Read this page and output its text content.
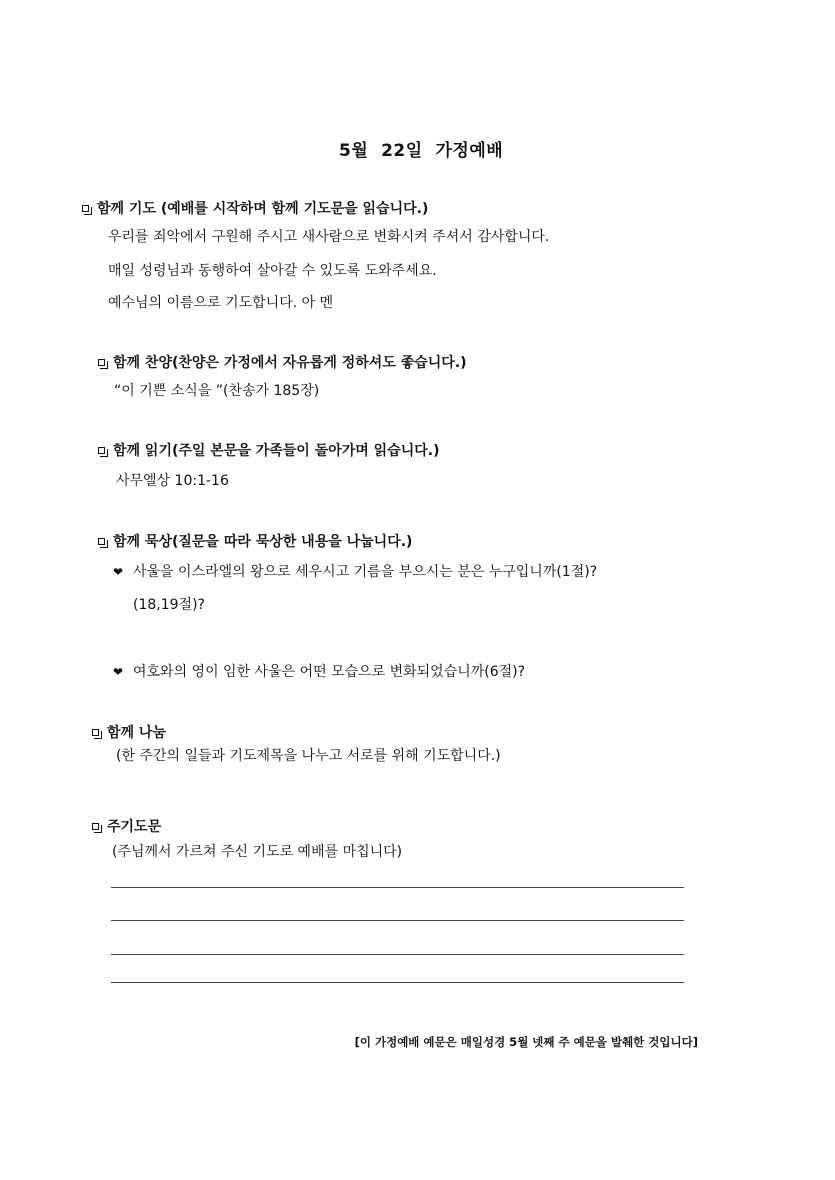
5월  22일  가정예배
함께 기도 (예배를 시작하며 함께 기도문을 읽습니다.)
우리를 죄악에서 구원해 주시고 새사람으로 변화시켜 주셔서 감사합니다.
매일 성령님과 동행하여 살아갈 수 있도록 도와주세요.
예수님의 이름으로 기도합니다. 아 멘
함께 찬양(찬양은 가정에서 자유롭게 정하셔도 좋습니다.)
“이 기쁜 소식을 ”(찬송가 185장)
함께 읽기(주일 본문을 가족들이 돌아가며 읽습니다.)
사무엘상 10:1-16
함께 묵상(질문을 따라 묵상한 내용을 나눕니다.)
❤ 사울을 이스라엘의 왕으로 세우시고 기름을 부으시는 분은 누구입니까(1절)?
(18,19절)?
❤ 여호와의 영이 임한 사울은 어떤 모습으로 변화되었습니까(6절)?
함께 나눔
(한 주간의 일들과 기도제목을 나누고 서로를 위해 기도합니다.)
주기도문
(주님께서 가르쳐 주신 기도로 예배를 마칩니다)
[이 가정예배 예문은 매일성경 5월 넷째 주 예문을 발췌한 것입니다]
